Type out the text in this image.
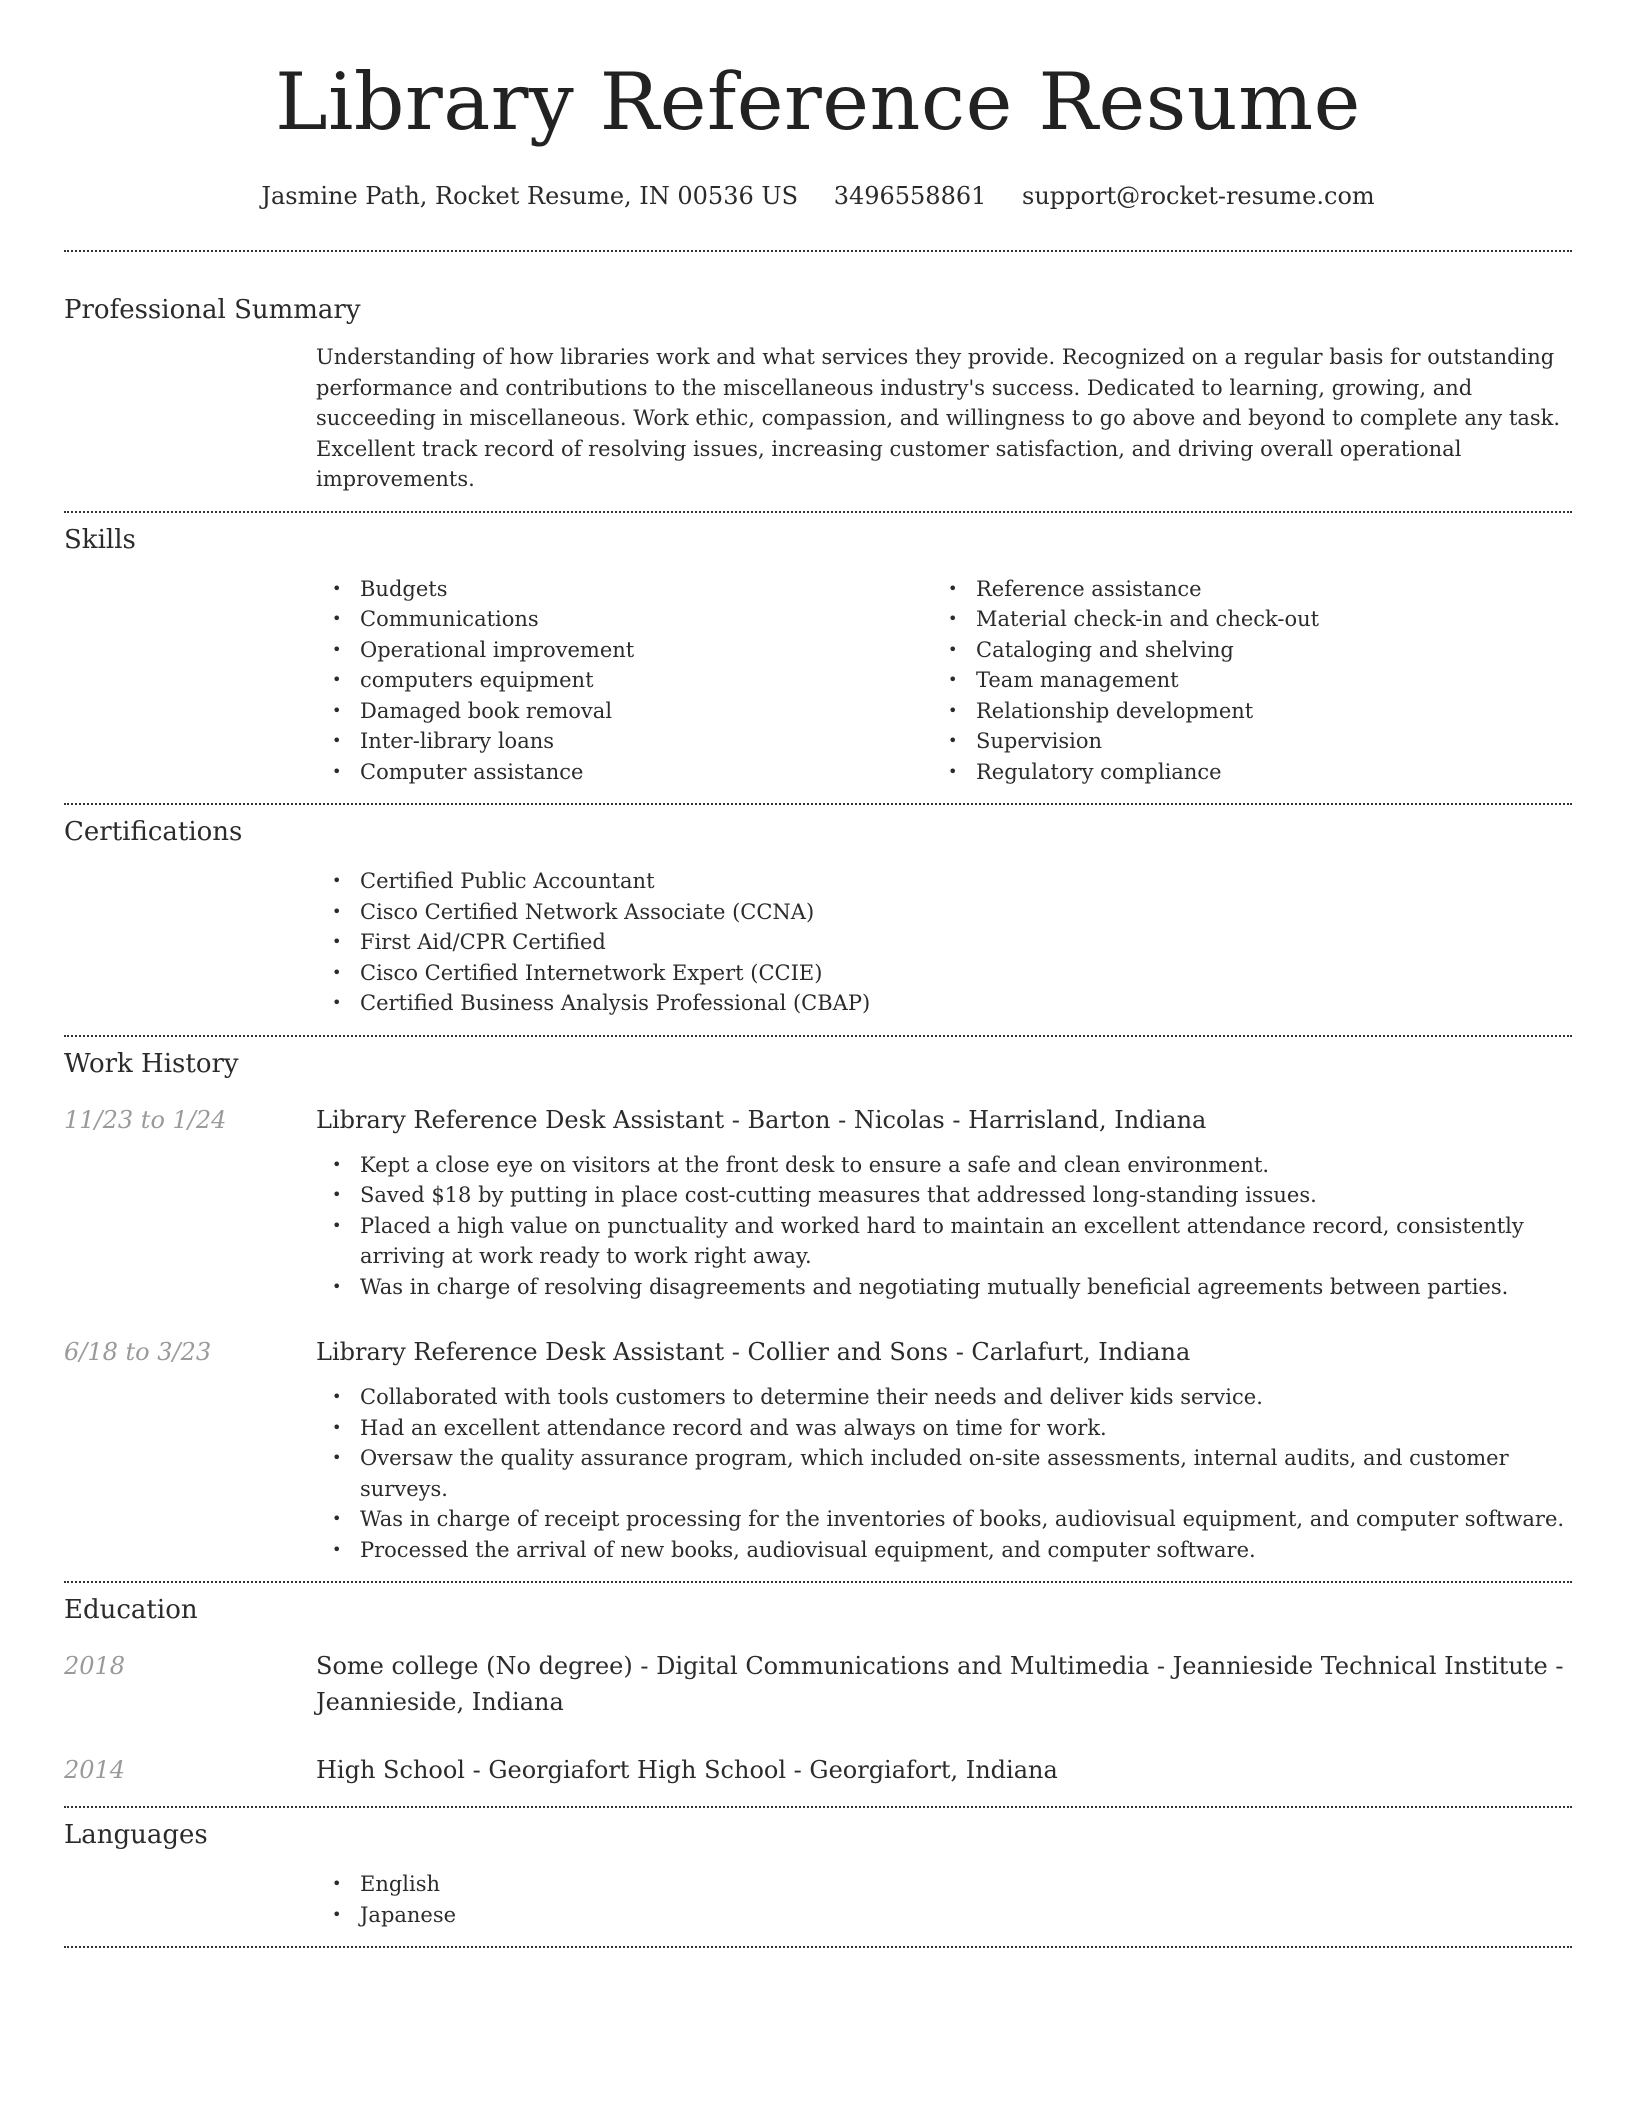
Library Reference Resume
Jasmine Path, Rocket Resume, IN 00536 US 3496558861 support@rocket-resume.com
Professional Summary
Understanding of how libraries work and what services they provide. Recognized on a regular basis for outstanding performance and contributions to the miscellaneous industry's success. Dedicated to learning, growing, and succeeding in miscellaneous. Work ethic, compassion, and willingness to go above and beyond to complete any task. Excellent track record of resolving issues, increasing customer satisfaction, and driving overall operational improvements.
Skills
• Budgets
• Communications
• Operational improvement
• computers equipment
• Damaged book removal
• Inter-library loans
• Computer assistance
• Reference assistance
• Material check-in and check-out
• Cataloging and shelving
• Team management
• Relationship development
• Supervision
• Regulatory compliance
Certifications
• Certified Public Accountant
• Cisco Certified Network Associate (CCNA)
• First Aid/CPR Certified
• Cisco Certified Internetwork Expert (CCIE)
• Certified Business Analysis Professional (CBAP)
Work History
11/23 to 1/24	Library Reference Desk Assistant - Barton - Nicolas - Harrisland, Indiana
• Kept a close eye on visitors at the front desk to ensure a safe and clean environment.
• Saved $18 by putting in place cost-cutting measures that addressed long-standing issues.
• Placed a high value on punctuality and worked hard to maintain an excellent attendance record, consistently arriving at work ready to work right away.
• Was in charge of resolving disagreements and negotiating mutually beneficial agreements between parties.
6/18 to 3/23	Library Reference Desk Assistant - Collier and Sons - Carlafurt, Indiana
• Collaborated with tools customers to determine their needs and deliver kids service.
• Had an excellent attendance record and was always on time for work.
• Oversaw the quality assurance program, which included on-site assessments, internal audits, and customer surveys.
• Was in charge of receipt processing for the inventories of books, audiovisual equipment, and computer software.
• Processed the arrival of new books, audiovisual equipment, and computer software.
Education
2018	Some college (No degree) - Digital Communications and Multimedia - Jeannieside Technical Institute - Jeannieside, Indiana
2014	High School - Georgiafort High School - Georgiafort, Indiana
Languages
• English
• Japanese
